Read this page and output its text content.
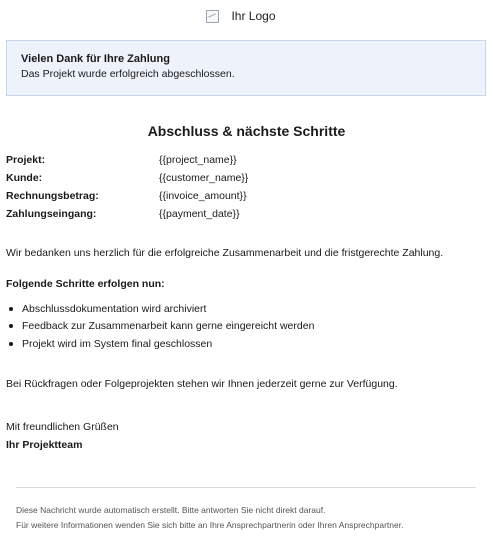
Ihr Logo
Vielen Dank für Ihre Zahlung
Das Projekt wurde erfolgreich abgeschlossen.
Abschluss & nächste Schritte
Projekt:	{{project_name}}
Kunde:	{{customer_name}}
Rechnungsbetrag:	{{invoice_amount}}
Zahlungseingang:	{{payment_date}}
Wir bedanken uns herzlich für die erfolgreiche Zusammenarbeit und die fristgerechte Zahlung.
Folgende Schritte erfolgen nun:
Abschlussdokumentation wird archiviert
Feedback zur Zusammenarbeit kann gerne eingereicht werden
Projekt wird im System final geschlossen
Bei Rückfragen oder Folgeprojekten stehen wir Ihnen jederzeit gerne zur Verfügung.
Mit freundlichen Grüßen
Ihr Projektteam
Diese Nachricht wurde automatisch erstellt. Bitte antworten Sie nicht direkt darauf.
Für weitere Informationen wenden Sie sich bitte an Ihre Ansprechpartnerin oder Ihren Ansprechpartner.
